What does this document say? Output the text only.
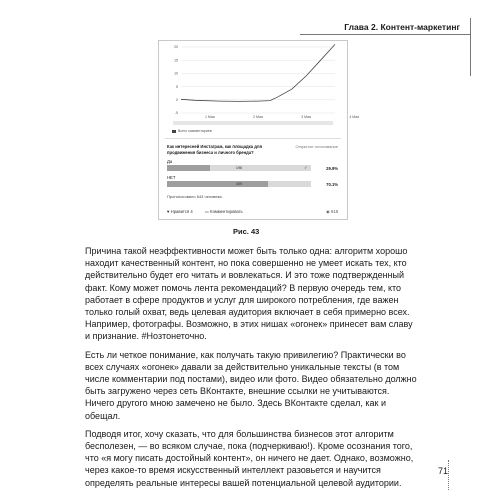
Глава 2. Контент-маркетинг
20
15
10
5
0
-5
1 Мая	2 Мая	3 Мая	4 Мая
Всего комментариев
Как интересней Инстаграм, как площадка для продвижения бизнеса и личного бренда?
Открытое голосование
Да
196	✓	29.9%
НЕТ
459	70.1%
Проголосовало 643 человека.
♥ Нравится 4	▭ Комментировать	◉ 618
Рис. 43

Причина такой неэффективности может быть только одна: алгоритм хорошо находит качественный контент, но пока совершенно не умеет искать тех, кто действительно будет его читать и вовлекаться. И это тоже подтвержденный факт. Кому может помочь лента рекомендаций? В первую очередь тем, кто работает в сфере продуктов и услуг для широкого потребления, где важен только голый охват, ведь целевая аудитория включает в себя примерно всех. Например, фотографы. Возможно, в этих нишах «огонек» принесет вам славу и признание. #Нозтонеточно.

Есть ли четкое понимание, как получать такую привилегию? Практически во всех случаях «огонек» давали за действительно уникальные тексты (в том числе комментарии под постами), видео или фото. Видео обязательно должно быть загружено через сеть ВКонтакте, внешние ссылки не учитываются. Ничего другого мною замечено не было. Здесь ВКонтакте сделал, как и обещал.

Подводя итог, хочу сказать, что для большинства бизнесов этот алгоритм бесполезен, — во всяком случае, пока (подчеркиваю!). Кроме осознания того, что «я могу писать достойный контент», он ничего не дает. Однако, возможно, через какое-то время искусственный интеллект разовьется и научится определять реальные интересы вашей потенциальной целевой аудитории.

71
